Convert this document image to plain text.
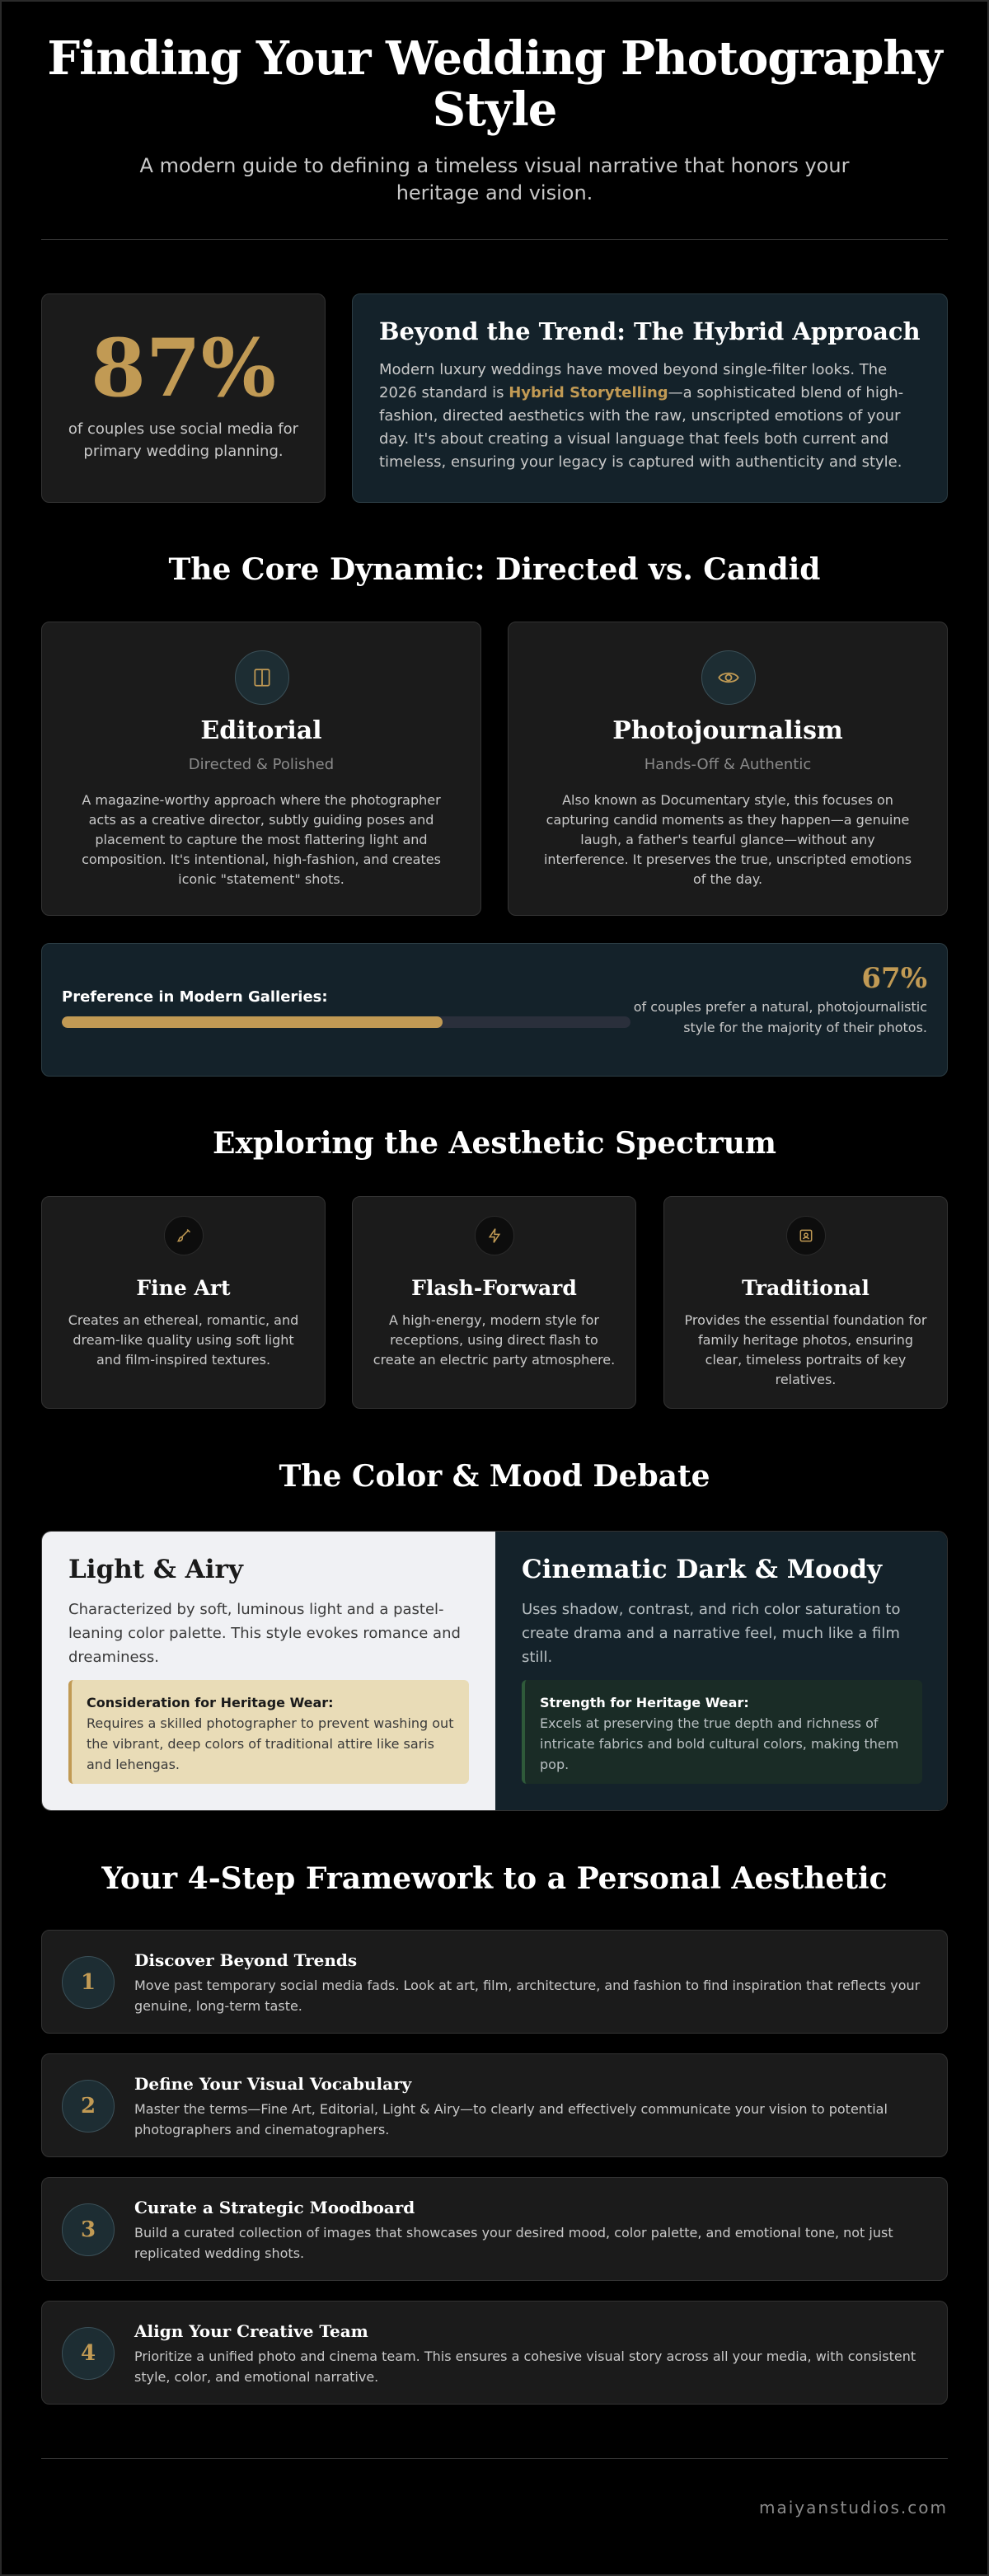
Finding Your Wedding Photography Style

A modern guide to defining a timeless visual narrative that honors your heritage and vision.

87%
of couples use social media for primary wedding planning.
Beyond the Trend: The Hybrid Approach
Modern luxury weddings have moved beyond single-filter looks. The 2026 standard is Hybrid Storytelling—a sophisticated blend of high-fashion, directed aesthetics with the raw, unscripted emotions of your day. It's about creating a visual language that feels both current and timeless, ensuring your legacy is captured with authenticity and style.
The Core Dynamic: Directed vs. Candid
Editorial
Directed & Polished
A magazine-worthy approach where the photographer acts as a creative director, subtly guiding poses and placement to capture the most flattering light and composition. It's intentional, high-fashion, and creates iconic "statement" shots.
Photojournalism
Hands-Off & Authentic
Also known as Documentary style, this focuses on capturing candid moments as they happen—a genuine laugh, a father's tearful glance—without any interference. It preserves the true, unscripted emotions of the day.
Preference in Modern Galleries:
67%
of couples prefer a natural, photojournalistic style for the majority of their photos.
Exploring the Aesthetic Spectrum
Fine Art
Creates an ethereal, romantic, and dream-like quality using soft light and film-inspired textures.
Flash-Forward
A high-energy, modern style for receptions, using direct flash to create an electric party atmosphere.
Traditional
Provides the essential foundation for family heritage photos, ensuring clear, timeless portraits of key relatives.
The Color & Mood Debate
Light & Airy
Characterized by soft, luminous light and a pastel-leaning color palette. This style evokes romance and dreaminess.
Consideration for Heritage Wear:
Requires a skilled photographer to prevent washing out the vibrant, deep colors of traditional attire like saris and lehengas.
Cinematic Dark & Moody
Uses shadow, contrast, and rich color saturation to create drama and a narrative feel, much like a film still.
Strength for Heritage Wear:
Excels at preserving the true depth and richness of intricate fabrics and bold cultural colors, making them pop.
Your 4-Step Framework to a Personal Aesthetic
1
Discover Beyond Trends
Move past temporary social media fads. Look at art, film, architecture, and fashion to find inspiration that reflects your genuine, long-term taste.
2
Define Your Visual Vocabulary
Master the terms—Fine Art, Editorial, Light & Airy—to clearly and effectively communicate your vision to potential photographers and cinematographers.
3
Curate a Strategic Moodboard
Build a curated collection of images that showcases your desired mood, color palette, and emotional tone, not just replicated wedding shots.
4
Align Your Creative Team
Prioritize a unified photo and cinema team. This ensures a cohesive visual story across all your media, with consistent style, color, and emotional narrative.
maiyanstudios.com
